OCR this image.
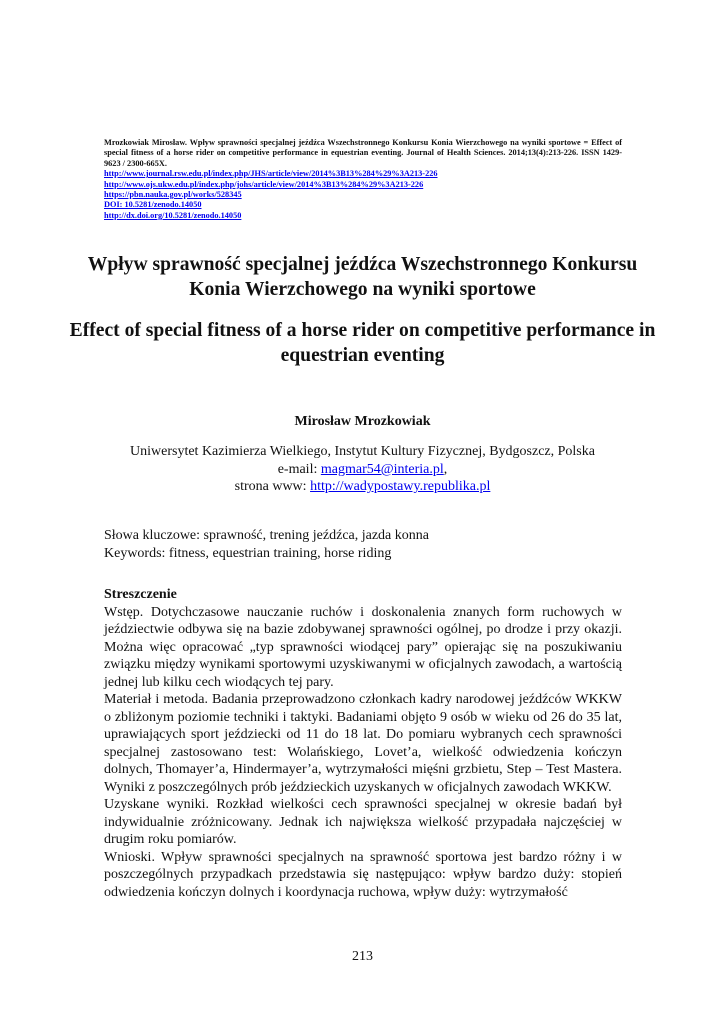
Mrozkowiak Mirosław. Wpływ sprawności specjalnej jeźdźca Wszechstronnego Konkursu Konia Wierzchowego na wyniki sportowe = Effect of special fitness of a horse rider on competitive performance in equestrian eventing. Journal of Health Sciences. 2014;13(4):213-226. ISSN 1429-9623 / 2300-665X.
http://www.journal.rsw.edu.pl/index.php/JHS/article/view/2014%3B13%284%29%3A213-226
http://www.ojs.ukw.edu.pl/index.php/johs/article/view/2014%3B13%284%29%3A213-226
https://pbn.nauka.gov.pl/works/528345
DOI: 10.5281/zenodo.14050
http://dx.doi.org/10.5281/zenodo.14050
Wpływ sprawność specjalnej jeźdźca Wszechstronnego Konkursu Konia Wierzchowego na wyniki sportowe
Effect of special fitness of a horse rider on competitive performance in equestrian eventing
Mirosław Mrozkowiak
Uniwersytet Kazimierza Wielkiego, Instytut Kultury Fizycznej, Bydgoszcz, Polska
e-mail: magmar54@interia.pl,
strona www: http://wadypostawy.republika.pl
Słowa kluczowe: sprawność, trening jeźdźca, jazda konna
Keywords: fitness, equestrian training, horse riding
Streszczenie

Wstęp. Dotychczasowe nauczanie ruchów i doskonalenia znanych form ruchowych w jeździectwie odbywa się na bazie zdobywanej sprawności ogólnej, po drodze i przy okazji. Można więc opracować „typ sprawności wiodącej pary” opierając się na poszukiwaniu związku między wynikami sportowymi uzyskiwanymi w oficjalnych zawodach, a wartością jednej lub kilku cech wiodących tej pary.

Materiał i metoda. Badania przeprowadzono członkach kadry narodowej jeźdźców WKKW o zbliżonym poziomie techniki i taktyki. Badaniami objęto 9 osób w wieku od 26 do 35 lat, uprawiających sport jeździecki od 11 do 18 lat. Do pomiaru wybranych cech sprawności specjalnej zastosowano test: Wolańskiego, Lovet’a, wielkość odwiedzenia kończyn dolnych, Thomayer’a, Hindermayer’a, wytrzymałości mięśni grzbietu, Step – Test Mastera. Wyniki z poszczególnych prób jeździeckich uzyskanych w oficjalnych zawodach WKKW.

Uzyskane wyniki. Rozkład wielkości cech sprawności specjalnej w okresie badań był indywidualnie zróżnicowany. Jednak ich największa wielkość przypadała najczęściej w drugim roku pomiarów.

Wnioski. Wpływ sprawności specjalnych na sprawność sportowa jest bardzo różny i w poszczególnych przypadkach przedstawia się następująco: wpływ bardzo duży: stopień odwiedzenia kończyn dolnych i koordynacja ruchowa, wpływ duży: wytrzymałość

213
